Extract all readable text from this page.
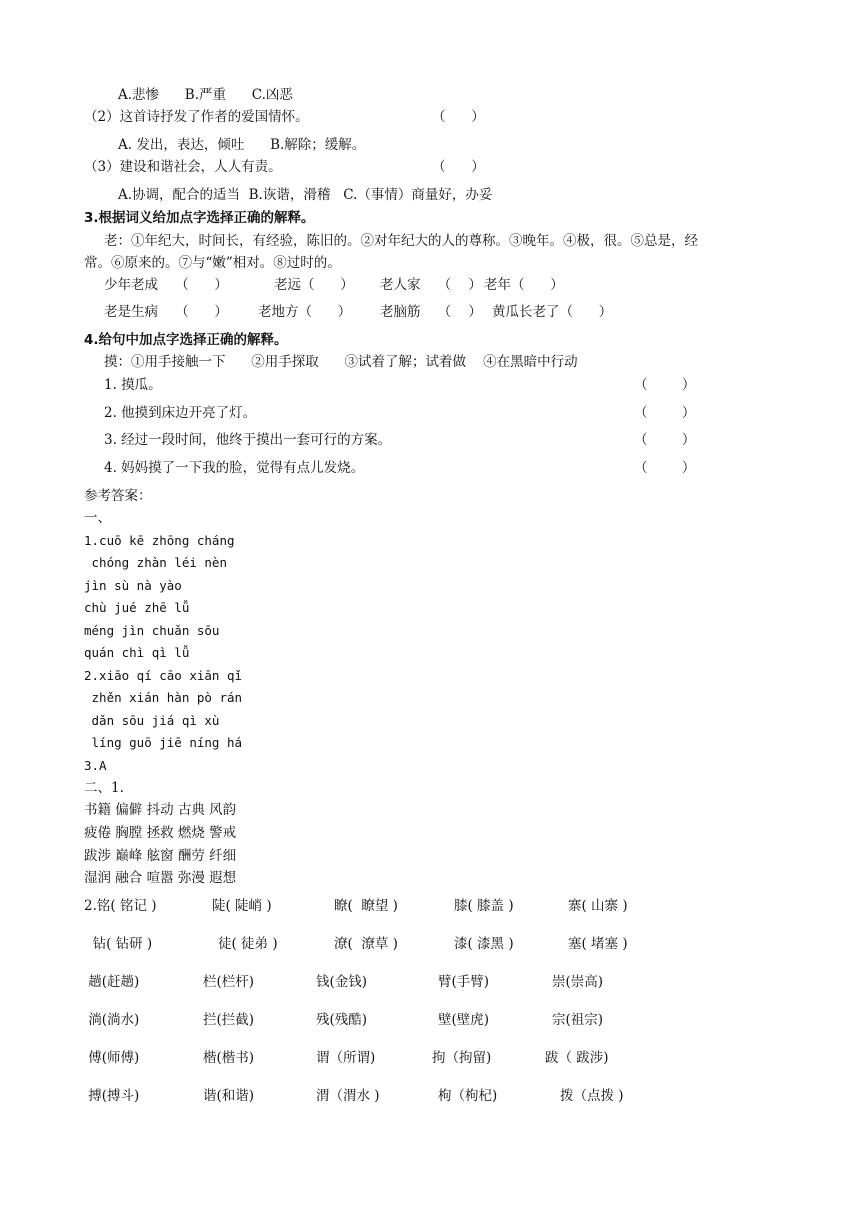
A.悲惨      B.严重      C.凶恶
（2）这首诗抒发了作者的爱国情怀。	（      ）
A. 发出，表达，倾吐      B.解除；缓解。
（3）建设和谐社会，人人有责。	（      ）
A.协调，配合的适当  B.诙谐，滑稽   C.（事情）商量好，办妥
3.根据词义给加点字选择正确的解释。
老：①年纪大，时间长，有经验，陈旧的。②对年纪大的人的尊称。③晚年。④极，很。⑤总是，经
常。⑥原来的。⑦与“嫩”相对。⑧过时的。
少年老成    （      ）	老远（      ） 老人家    （    ） 老年（      ）
老是生病    （      ） 老地方（      ） 老脑筋    （    ） 黄瓜长老了（      ）
4.给句中加点字选择正确的解释。
摸：①用手接触一下      ②用手探取      ③试着了解；试着做    ④在黑暗中行动
1. 摸瓜。	（        ）
2. 他摸到床边开亮了灯。	（        ）
3. 经过一段时间，他终于摸出一套可行的方案。	（        ）
4. 妈妈摸了一下我的脸，觉得有点儿发烧。	（        ）
参考答案：
一、
1.cuō kē zhōng cháng
chóng zhàn léi nèn
jìn sù nà yào
chù jué zhē lǚ
méng jìn chuǎn sōu
quán chì qì lǚ
2.xiāo qí cāo xiān qǐ
zhěn xián hàn pò rán
dǎn sōu jiá qì xù
líng guō jiē níng há
3.A
二、1.
书籍 偏僻 抖动 古典 风韵
疲倦 胸膛 拯救 燃烧 警戒
跋涉 巅峰 舷窗 酬劳 纤细
湿润 融合 喧嚣 弥漫 遐想
2.铭( 铭记 )	陡( 陡峭 )	瞭(  瞭望 )	膝( 膝盖 )	寨( 山寨 )
钻( 钻研 )	徒( 徒弟 )	潦(  潦草 )	漆( 漆黑 )	塞( 堵塞 )
趟(赶趟)	栏(栏杆)	钱(金钱)	臂(手臂)	崇(崇高)
淌(淌水)	拦(拦截)	残(残酷)	壁(壁虎)	宗(祖宗)
傅(师傅)	楷(楷书)	谓（所谓)	拘（拘留)	跋（ 跋涉)
搏(搏斗)	谐(和谐)	渭（渭水 )	枸（枸杞)	拨（点拨 )
